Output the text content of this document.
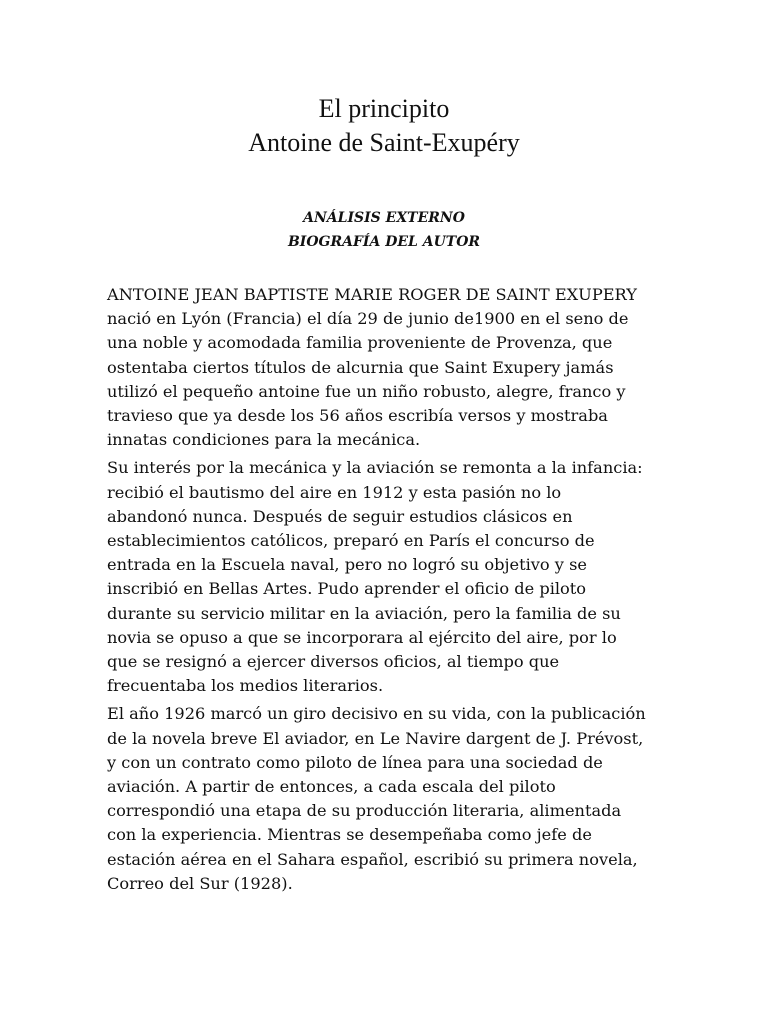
El principito
Antoine de Saint-Exupéry
ANÁLISIS EXTERNO
BIOGRAFÍA DEL AUTOR

ANTOINE JEAN BAPTISTE MARIE ROGER DE SAINT EXUPERY
nació en Lyón (Francia) el día 29 de junio de1900 en el seno de
una noble y acomodada familia proveniente de Provenza, que
ostentaba ciertos títulos de alcurnia que Saint Exupery jamás
utilizó el pequeño antoine fue un niño robusto, alegre, franco y
travieso que ya desde los 56 años escribía versos y mostraba
innatas condiciones para la mecánica.

Su interés por la mecánica y la aviación se remonta a la infancia:
recibió el bautismo del aire en 1912 y esta pasión no lo
abandonó nunca. Después de seguir estudios clásicos en
establecimientos católicos, preparó en París el concurso de
entrada en la Escuela naval, pero no logró su objetivo y se
inscribió en Bellas Artes. Pudo aprender el oficio de piloto
durante su servicio militar en la aviación, pero la familia de su
novia se opuso a que se incorporara al ejército del aire, por lo
que se resignó a ejercer diversos oficios, al tiempo que
frecuentaba los medios literarios.

El año 1926 marcó un giro decisivo en su vida, con la publicación
de la novela breve El aviador, en Le Navire dargent de J. Prévost,
y con un contrato como piloto de línea para una sociedad de
aviación. A partir de entonces, a cada escala del piloto
correspondió una etapa de su producción literaria, alimentada
con la experiencia. Mientras se desempeñaba como jefe de
estación aérea en el Sahara español, escribió su primera novela,
Correo del Sur (1928).
